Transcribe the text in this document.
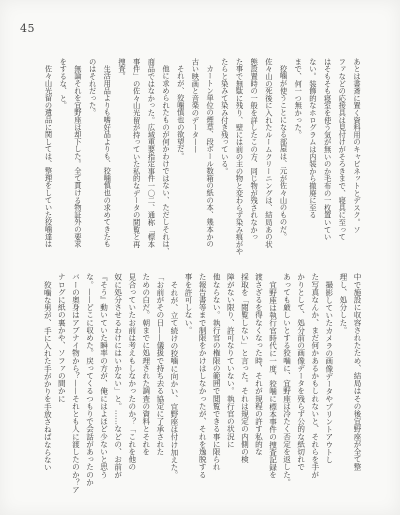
45

あとは書斎に置く資料用のキャビネットとデスク。ソ

ファなどの応接具は見付けがそろきまで、寝具に至って

はそもそも寝室を使う気が無いのか毛布の一枚置いてい

ない。装飾的なホログラムは内装から撤廃に至る

まで、何一つ無かった。

狡噛が使うことになる部屋は、元が佐々山のものだ。

佐々山の死後に入れたルームクリーニングは、結局あの状

態設置時の一般を詳したこの方、同じ物が残されなかっ

た事で無駄に残り、壁には前の主の物と変わらず染み痕がや

たらと染みて染み付き残っている。

カートン単位の煙草、段ボール数箱の紙の本、幾本かの

古い映画と音楽のデータ——

それが、狡噛慎也の欲望だ。

他に求められたものが何かわけではない、ただしそれは、

商品ではなかった。広域重要指定事件一〇二、通称「標本

事件」の佐々山光留が持っていた私的なデータの閲覧と再

捜査。

生活用品よりも嗜好品よりも、狡噛慎也の求めてきたも

のはそれだった。

無論それを宜野座は却下した。全て貫ける物証外の要求

をするな、と。

佐々山光留の遺品に関しては、整理をしていた狡噛達は

中で施設に収容されたため、結局はその後宜野座が全て整

理し、処分した。

撮影していたカメラの画像データやプリントアウトし

た写真なんか、まだ何かあるかもしれないと、それらを手が

かりとして、処分前の画像データを残らず公的な紙切れで

あっても厳しいとする狡噛に、宜野座は冷たく否定を返した。

宜野座は執行官時代に一度、狡噛に標本事件の捜査記録を

渡さざるを得なくなった時、それが規程の許す私的な

採取を「閲覧しない」と言った。それは規定の内側の検

障がない限り、許可なりていない。執行官の状況に

他ならない。執行官の権限の範囲で閲覧できる事に限られ

た報告書等まで制限をかけはしなかったが、それを逸脱する

事を許可しない。

それが、立て続けの狡噛に向かい、宜野座は付け加えた。

「お前がその日——儀扱で持ち去る協定に了承された

ための白だ。朝までに処理された調査の資料とそれを

見合っていたお前は考えもしなかったのか？「これを他の

奴に処分させるわけにはいかない」と。……などの、お前が

『そう』動いていた瞬率の方が、俺にはよほど少ないと思う

な。——どこに収めた。戻ってくるつもりで会話があったのか

バーの奥身はアブナイ物から？——それとも人に渡したのか？ア

ナログに紙の裏かや、ソファの間かに

狡噛な男が、手に入れた手がかりを手放さねばならない
